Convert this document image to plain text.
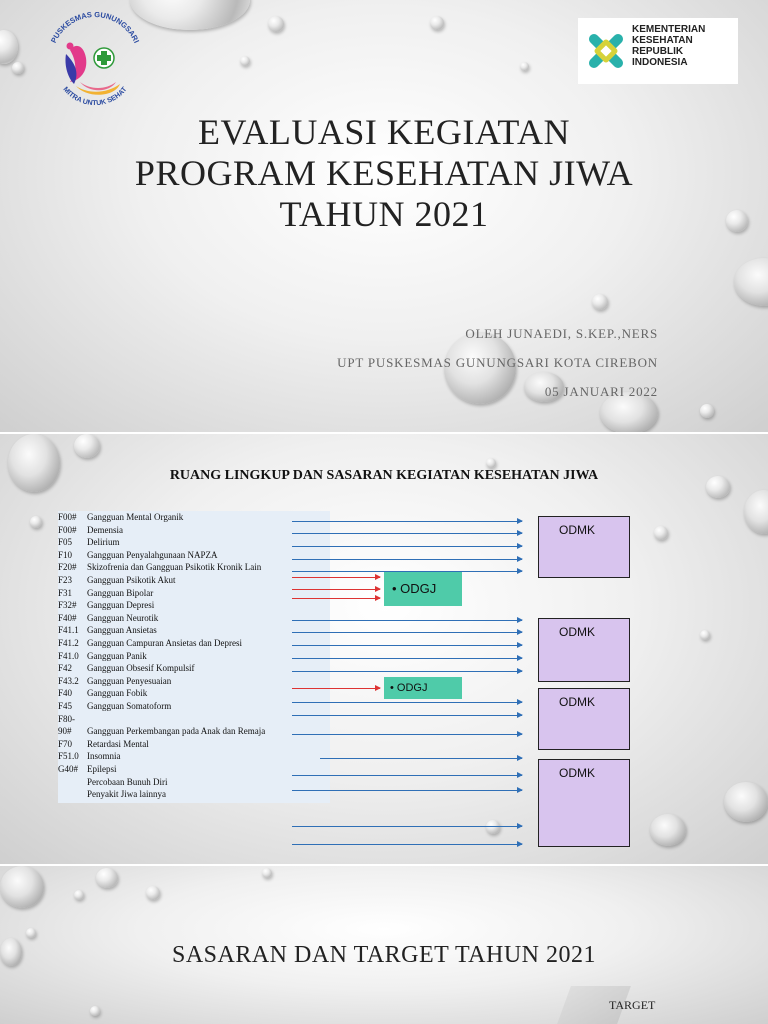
PUSKESMAS GUNUNGSARI
MITRA UNTUK SEHAT
KEMENTERIAN
KESEHATAN
REPUBLIK
INDONESIA
EVALUASI KEGIATAN
PROGRAM KESEHATAN JIWA
TAHUN 2021
OLEH JUNAEDI, S.KEP.,NERS
UPT PUSKESMAS GUNUNGSARI KOTA CIREBON
05 JANUARI 2022
RUANG LINGKUP DAN SASARAN KEGIATAN KESEHATAN JIWA
F00#	Gangguan Mental Organik
F00#	Demensia
F05	Delirium
F10	Gangguan Penyalahgunaan NAPZA
F20#	Skizofrenia dan Gangguan Psikotik Kronik Lain
F23	Gangguan Psikotik Akut
F31	Gangguan Bipolar
F32#	Gangguan Depresi
F40#	Gangguan Neurotik
F41.1 Gangguan Ansietas
F41.2 Gangguan Campuran Ansietas dan Depresi
F41.0 Gangguan Panik
F42	Gangguan Obsesif Kompulsif
F43.2 Gangguan Penyesuaian
F40	Gangguan Fobik
F45	Gangguan Somatoform
F80-
90#	Gangguan Perkembangan pada Anak dan Remaja
F70	Retardasi Mental
F51.0 Insomnia
G40#	Epilepsi
Percobaan Bunuh Diri
Penyakit Jiwa lainnya
ODMK
ODMK
ODMK
ODMK
• ODGJ
• ODGJ
SASARAN DAN TARGET TAHUN 2021
TARGET
